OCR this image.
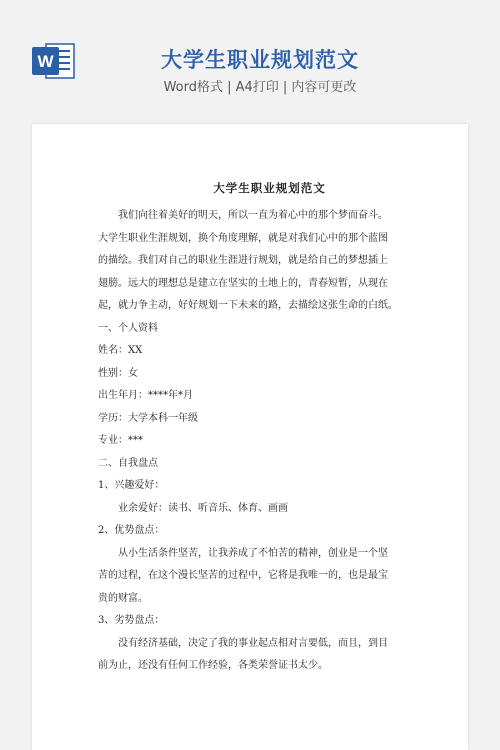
W	大学生职业规划范文
Word格式 | A4打印 | 内容可更改
大学生职业规划范文
我们向往着美好的明天，所以一直为着心中的那个梦而奋斗。
大学生职业生涯规划，换个角度理解，就是对我们心中的那个蓝图
的描绘。我们对自己的职业生涯进行规划，就是给自己的梦想插上
翅膀。远大的理想总是建立在坚实的土地上的，青春短暂，从现在
起，就力争主动，好好规划一下未来的路，去描绘这张生命的白纸。
一、个人资料
姓名：XX
性别：女
出生年月：****年*月
学历：大学本科一年级
专业：***
二、自我盘点
1、兴趣爱好：
业余爱好：读书、听音乐、体育、画画
2、优势盘点：
从小生活条件坚苦，让我养成了不怕苦的精神，创业是一个坚
苦的过程，在这个漫长坚苦的过程中，它将是我唯一的，也是最宝
贵的财富。
3、劣势盘点：
没有经济基础，决定了我的事业起点相对言要低，而且，到目
前为止，还没有任何工作经验，各类荣誉证书太少。
